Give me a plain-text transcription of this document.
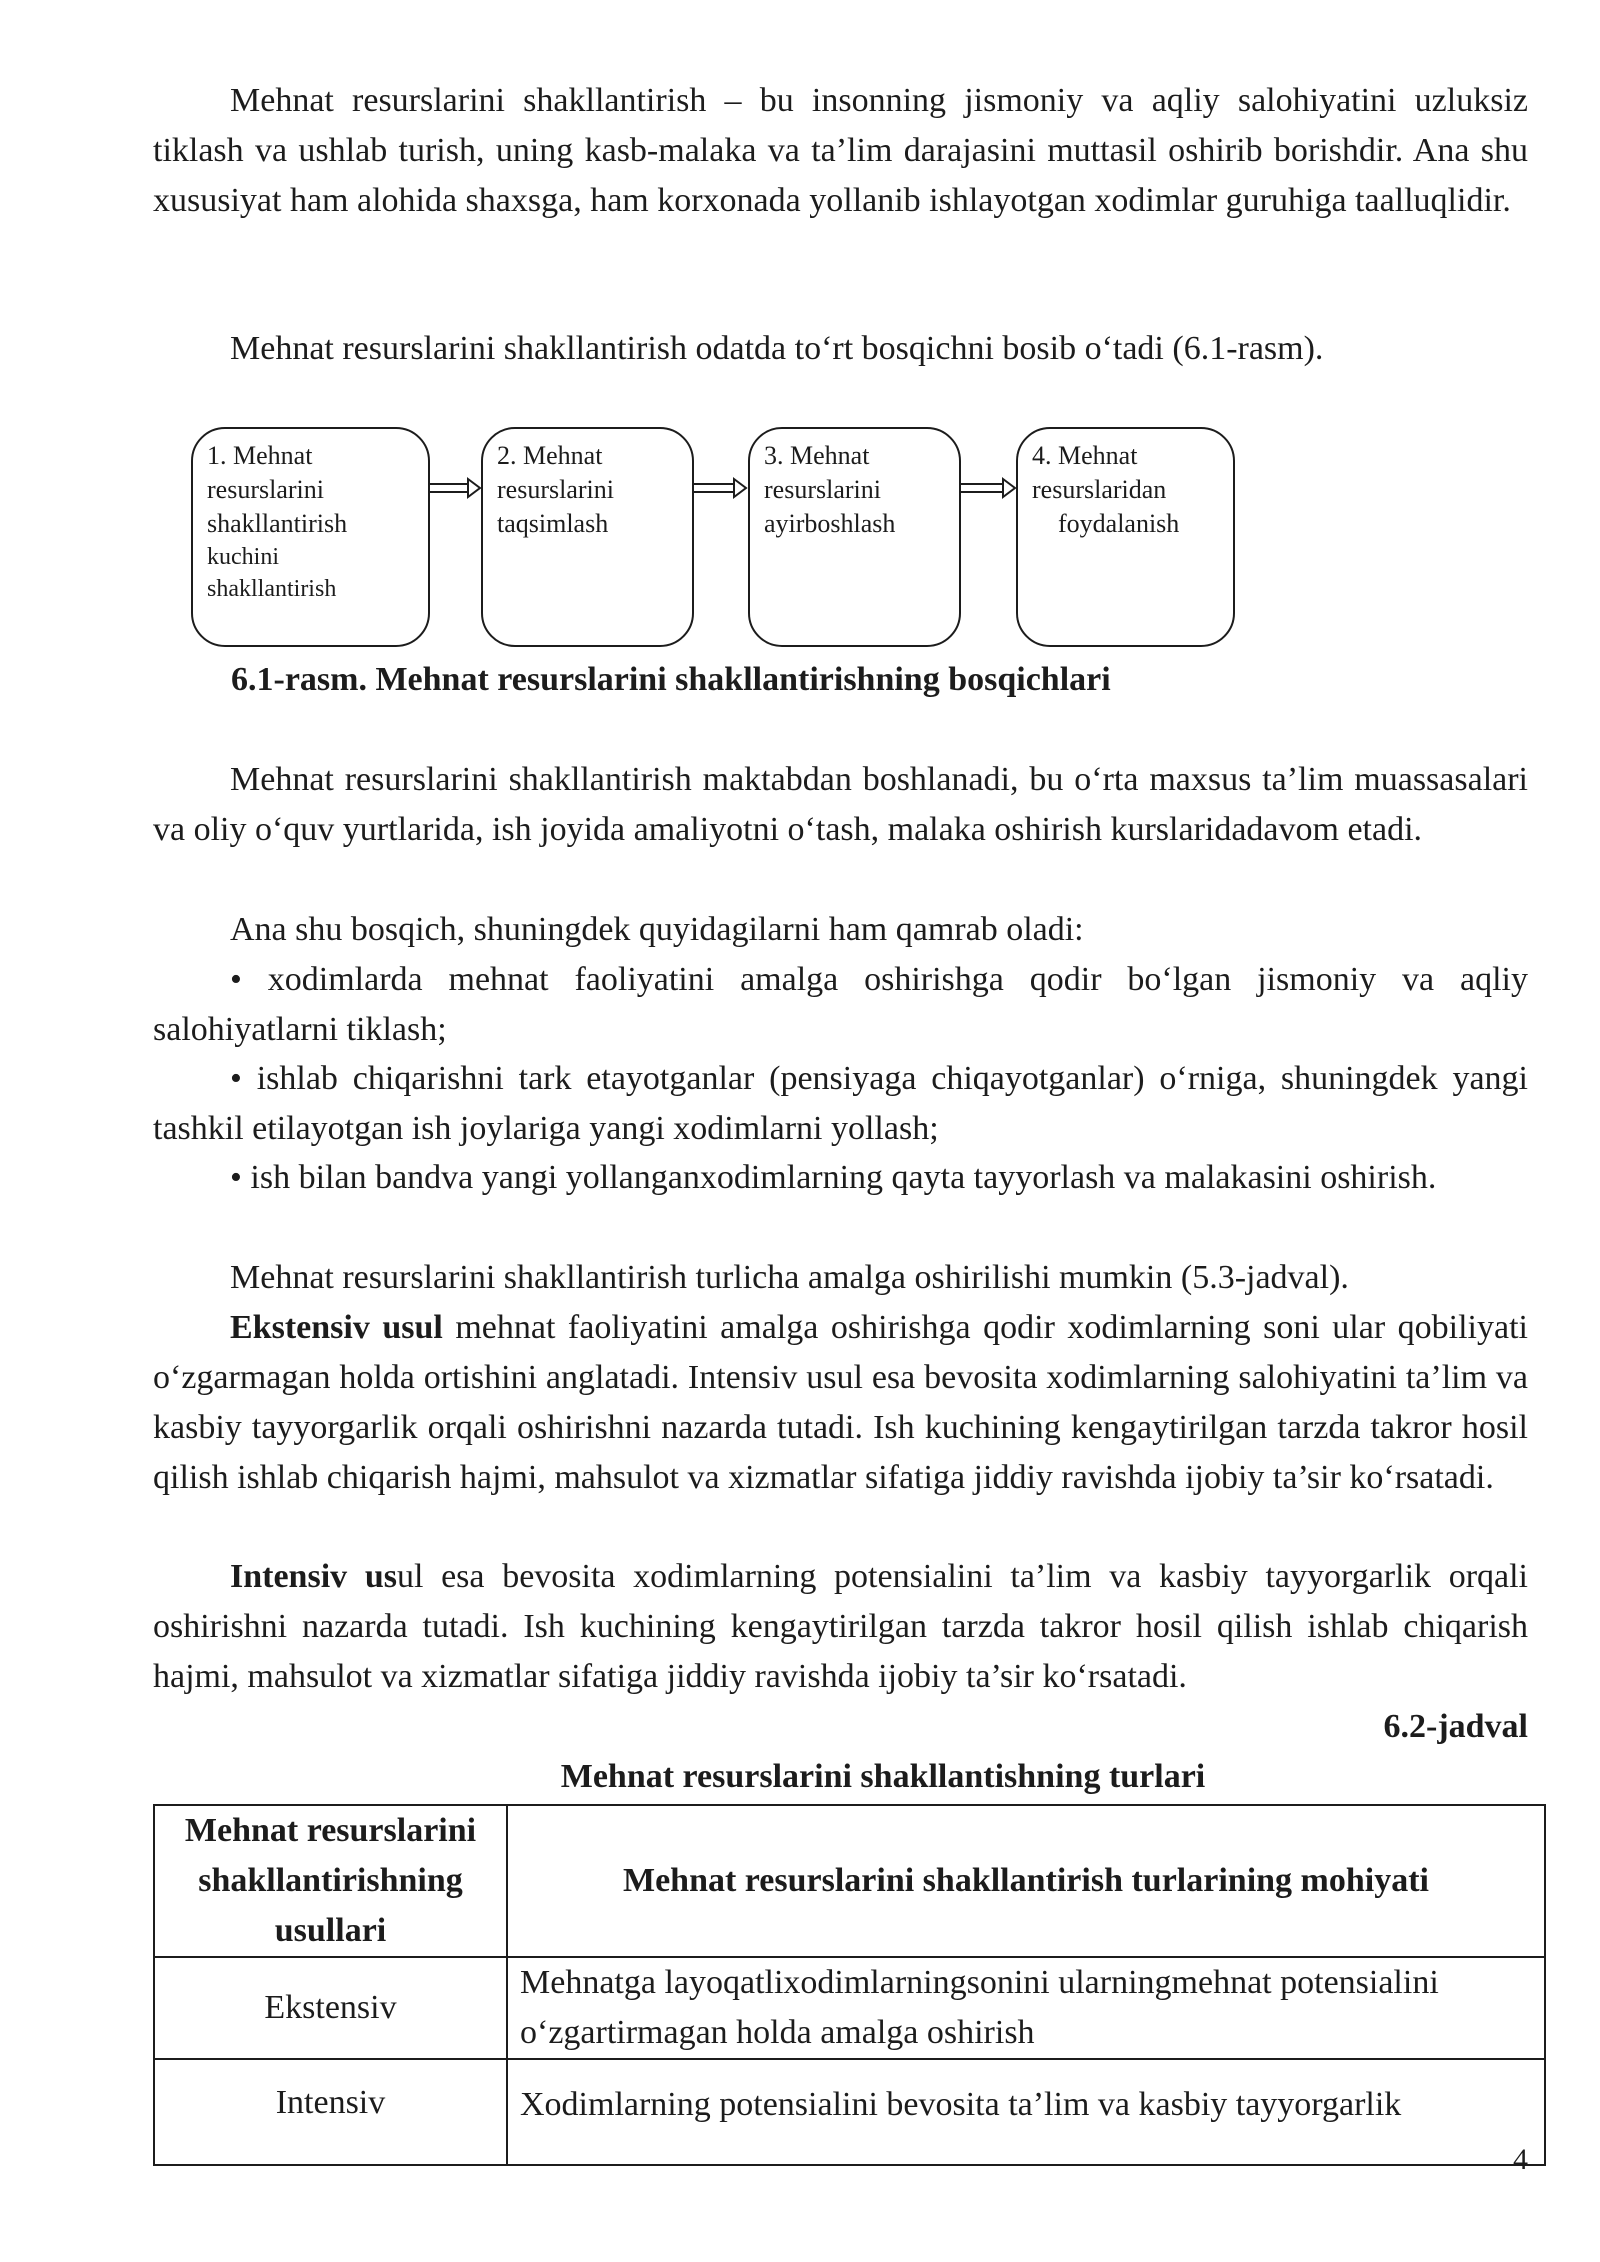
Mehnat resurslarini shakllantirish – bu insonning jismoniy va aqliy salohiyatini uzluksiz tiklash va ushlab turish, uning kasb-malaka va ta’lim darajasini muttasil oshirib borishdir. Ana shu xususiyat ham alohida shaxsga, ham korxonada yollanib ishlayotgan xodimlar guruhiga taalluqlidir.

Mehnat resurslarini shakllantirish odatda to‘rt bosqichni bosib o‘tadi (6.1-rasm).

1. Mehnat
resurslarini
shakllantirish
kuchini
shakllantirish
2. Mehnat
resurslarini
taqsimlash
3. Mehnat
resurslarini
ayirboshlash
4. Mehnat
resurslaridan
foydalanish
6.1-rasm. Mehnat resurslarini shakllantirishning bosqichlari

Mehnat resurslarini shakllantirish maktabdan boshlanadi, bu o‘rta maxsus ta’lim muassasalari va oliy o‘quv yurtlarida, ish joyida amaliyotni o‘tash, malaka oshirish kurslaridadavom etadi.

Ana shu bosqich, shuningdek quyidagilarni ham qamrab oladi:

• xodimlarda mehnat faoliyatini amalga oshirishga qodir bo‘lgan jismoniy va aqliy salohiyatlarni tiklash;

• ishlab chiqarishni tark etayotganlar (pensiyaga chiqayotganlar) o‘rniga, shuningdek yangi tashkil etilayotgan ish joylariga yangi xodimlarni yollash;

• ish bilan bandva yangi yollanganxodimlarning qayta tayyorlash va malakasini oshirish.

Mehnat resurslarini shakllantirish turlicha amalga oshirilishi mumkin (5.3-jadval).

Ekstensiv usul mehnat faoliyatini amalga oshirishga qodir xodimlarning soni ular qobiliyati o‘zgarmagan holda ortishini anglatadi. Intensiv usul esa bevosita xodimlarning salohiyatini ta’lim va kasbiy tayyorgarlik orqali oshirishni nazarda tutadi. Ish kuchining kengaytirilgan tarzda takror hosil qilish ishlab chiqarish hajmi, mahsulot va xizmatlar sifatiga jiddiy ravishda ijobiy ta’sir ko‘rsatadi.

Intensiv usul esa bevosita xodimlarning potensialini ta’lim va kasbiy tayyorgarlik orqali oshirishni nazarda tutadi. Ish kuchining kengaytirilgan tarzda takror hosil qilish ishlab chiqarish hajmi, mahsulot va xizmatlar sifatiga jiddiy ravishda ijobiy ta’sir ko‘rsatadi.

6.2-jadval
Mehnat resurslarini shakllantishning turlari
Mehnat resurslarini shakllantirishning usullari	Mehnat resurslarini shakllantirish turlarining mohiyati
Ekstensiv	Mehnatga layoqatlixodimlarningsonini ularningmehnat potensialini o‘zgartirmagan holda amalga oshirish
Intensiv	Xodimlarning potensialini bevosita ta’lim va kasbiy tayyorgarlik
4
